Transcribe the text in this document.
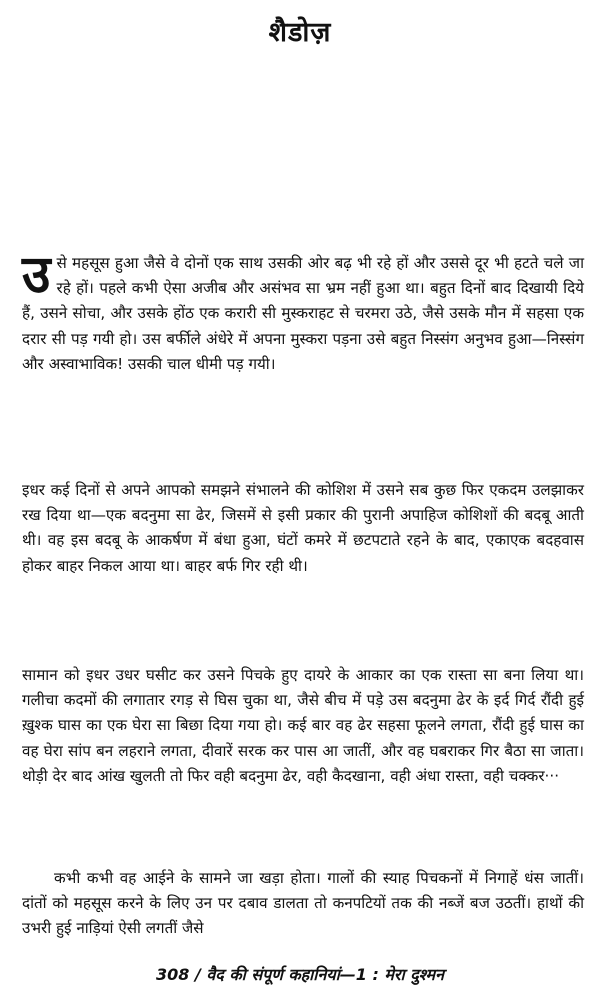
शैडोज़

उसे महसूस हुआ जैसे वे दोनों एक साथ उसकी ओर बढ़ भी रहे हों और उससे दूर भी हटते चले जा रहे हों। पहले कभी ऐसा अजीब और असंभव सा भ्रम नहीं हुआ था। बहुत दिनों बाद दिखायी दिये हैं, उसने सोचा, और उसके होंठ एक करारी सी मुस्कराहट से चरमरा उठे, जैसे उसके मौन में सहसा एक दरार सी पड़ गयी हो। उस बर्फीले अंधेरे में अपना मुस्करा पड़ना उसे बहुत निस्संग अनुभव हुआ—निस्संग और अस्वाभाविक! उसकी चाल धीमी पड़ गयी।

इधर कई दिनों से अपने आपको समझने संभालने की कोशिश में उसने सब कुछ फिर एकदम उलझाकर रख दिया था—एक बदनुमा सा ढेर, जिसमें से इसी प्रकार की पुरानी अपाहिज कोशिशों की बदबू आती थी। वह इस बदबू के आकर्षण में बंधा हुआ, घंटों कमरे में छटपटाते रहने के बाद, एकाएक बदहवास होकर बाहर निकल आया था। बाहर बर्फ गिर रही थी।

सामान को इधर उधर घसीट कर उसने पिचके हुए दायरे के आकार का एक रास्ता सा बना लिया था। गलीचा कदमों की लगातार रगड़ से घिस चुका था, जैसे बीच में पड़े उस बदनुमा ढेर के इर्द गिर्द रौंदी हुई ख़ुश्क घास का एक घेरा सा बिछा दिया गया हो। कई बार वह ढेर सहसा फूलने लगता, रौंदी हुई घास का वह घेरा सांप बन लहराने लगता, दीवारें सरक कर पास आ जातीं, और वह घबराकर गिर बैठा सा जाता। थोड़ी देर बाद आंख खुलती तो फिर वही बदनुमा ढेर, वही कैदखाना, वही अंधा रास्ता, वही चक्कर···

कभी कभी वह आईने के सामने जा खड़ा होता। गालों की स्याह पिचकनों में निगाहें धंस जातीं। दांतों को महसूस करने के लिए उन पर दबाव डालता तो कनपटियों तक की नब्जें बज उठतीं। हाथों की उभरी हुई नाड़ियां ऐसी लगतीं जैसे

308 / वैद की संपूर्ण कहानियां—1 : मेरा दुश्मन
